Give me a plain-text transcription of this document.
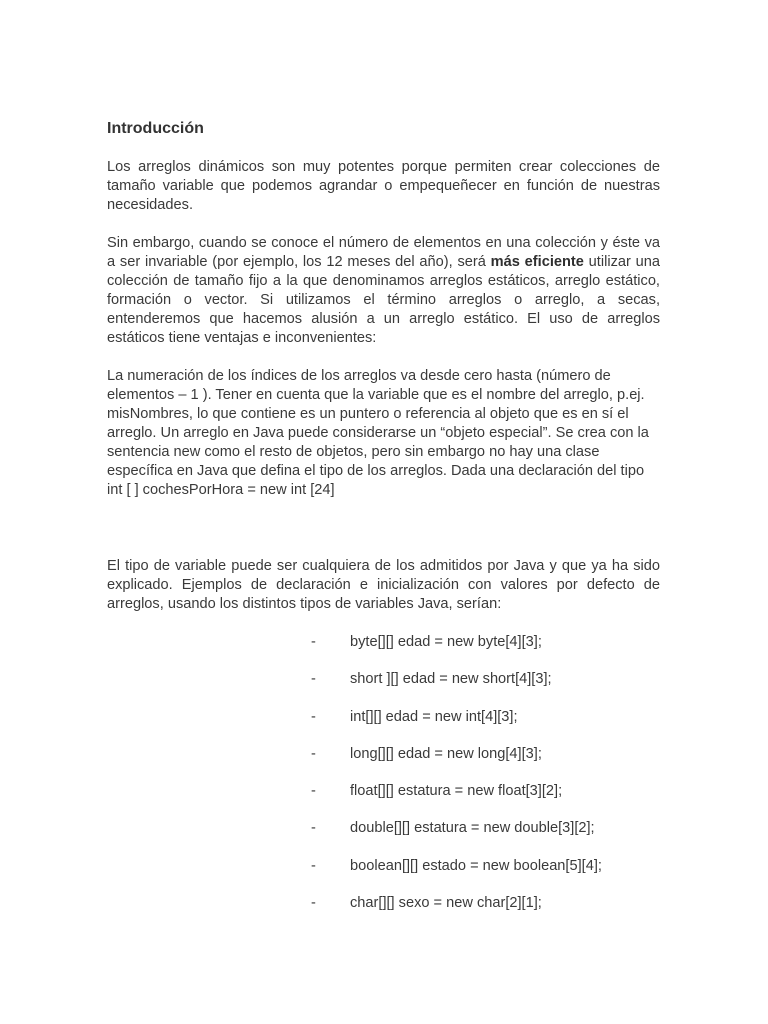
Introducción

Los arreglos dinámicos son muy potentes porque permiten crear colecciones de tamaño variable que podemos agrandar o empequeñecer en función de nuestras necesidades.

Sin embargo, cuando se conoce el número de elementos en una colección y éste va a ser invariable (por ejemplo, los 12 meses del año), será más eficiente utilizar una colección de tamaño fijo a la que denominamos arreglos estáticos, arreglo estático, formación o vector. Si utilizamos el término arreglos o arreglo, a secas, entenderemos que hacemos alusión a un arreglo estático. El uso de arreglos estáticos tiene ventajas e inconvenientes:

La numeración de los índices de los arreglos va desde cero hasta (número de elementos – 1 ). Tener en cuenta que la variable que es el nombre del arreglo, p.ej. misNombres, lo que contiene es un puntero o referencia al objeto que es en sí el arreglo. Un arreglo en Java puede considerarse un “objeto especial”. Se crea con la sentencia new como el resto de objetos, pero sin embargo no hay una clase específica en Java que defina el tipo de los arreglos. Dada una declaración del tipo int [ ] cochesPorHora = new int [24]

El tipo de variable puede ser cualquiera de los admitidos por Java y que ya ha sido explicado. Ejemplos de declaración e inicialización con valores por defecto de arreglos, usando los distintos tipos de variables Java, serían:

- byte[][] edad = new byte[4][3];
- short ][] edad = new short[4][3];
- int[][] edad = new int[4][3];
- long[][] edad = new long[4][3];
- float[][] estatura = new float[3][2];
- double[][] estatura = new double[3][2];
- boolean[][] estado = new boolean[5][4];
- char[][] sexo = new char[2][1];
